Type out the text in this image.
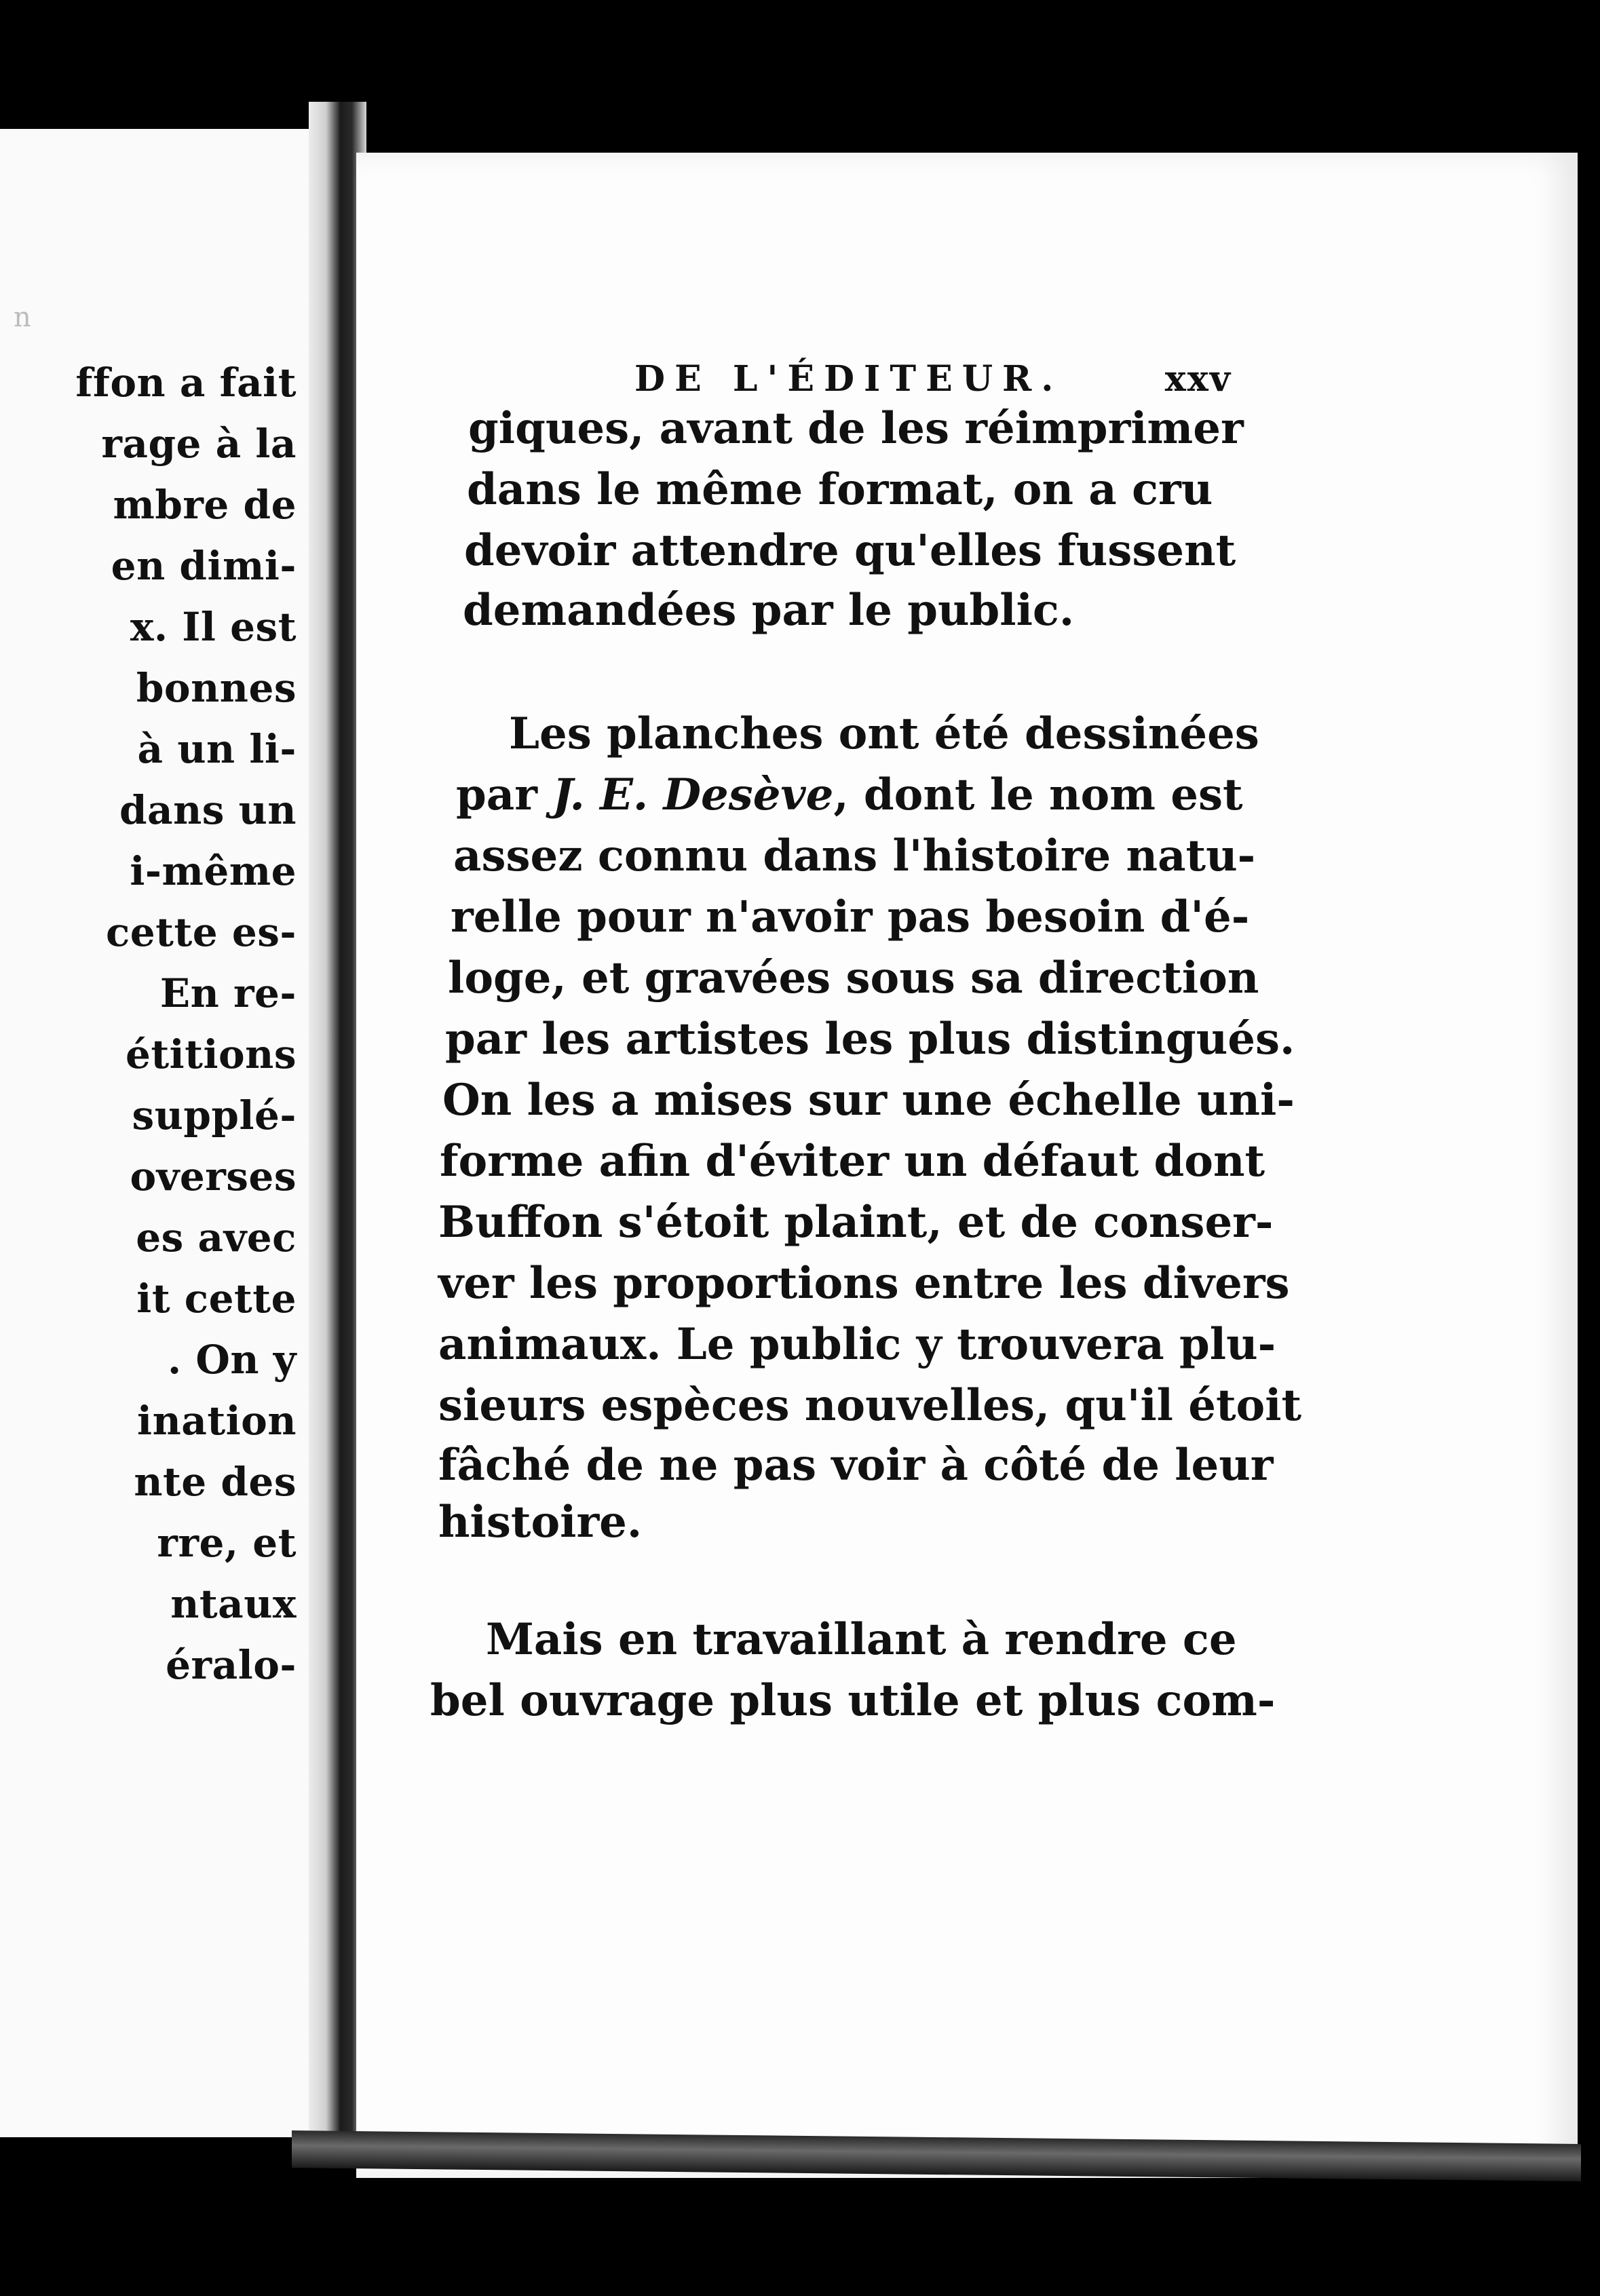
n
ffon a fait
rage à la
mbre de
en dimi-
x. Il est
bonnes
à un li-
dans un
i-même
cette es-
En re-
étitions
supplé-
overses
es avec
it cette
. On y
ination
nte des
rre, et
ntaux
éralo-
DE L'ÉDITEUR.	xxv
giques, avant de les réimprimer
dans le même format, on a cru
devoir attendre qu'elles fussent
demandées par le public.
Les planches ont été dessinées
par J. E. Desève, dont le nom est
assez connu dans l'histoire natu-
relle pour n'avoir pas besoin d'é-
loge, et gravées sous sa direction
par les artistes les plus distingués.
On les a mises sur une échelle uni-
forme afin d'éviter un défaut dont
Buffon s'étoit plaint, et de conser-
ver les proportions entre les divers
animaux. Le public y trouvera plu-
sieurs espèces nouvelles, qu'il étoit
fâché de ne pas voir à côté de leur
histoire.
Mais en travaillant à rendre ce
bel ouvrage plus utile et plus com-
